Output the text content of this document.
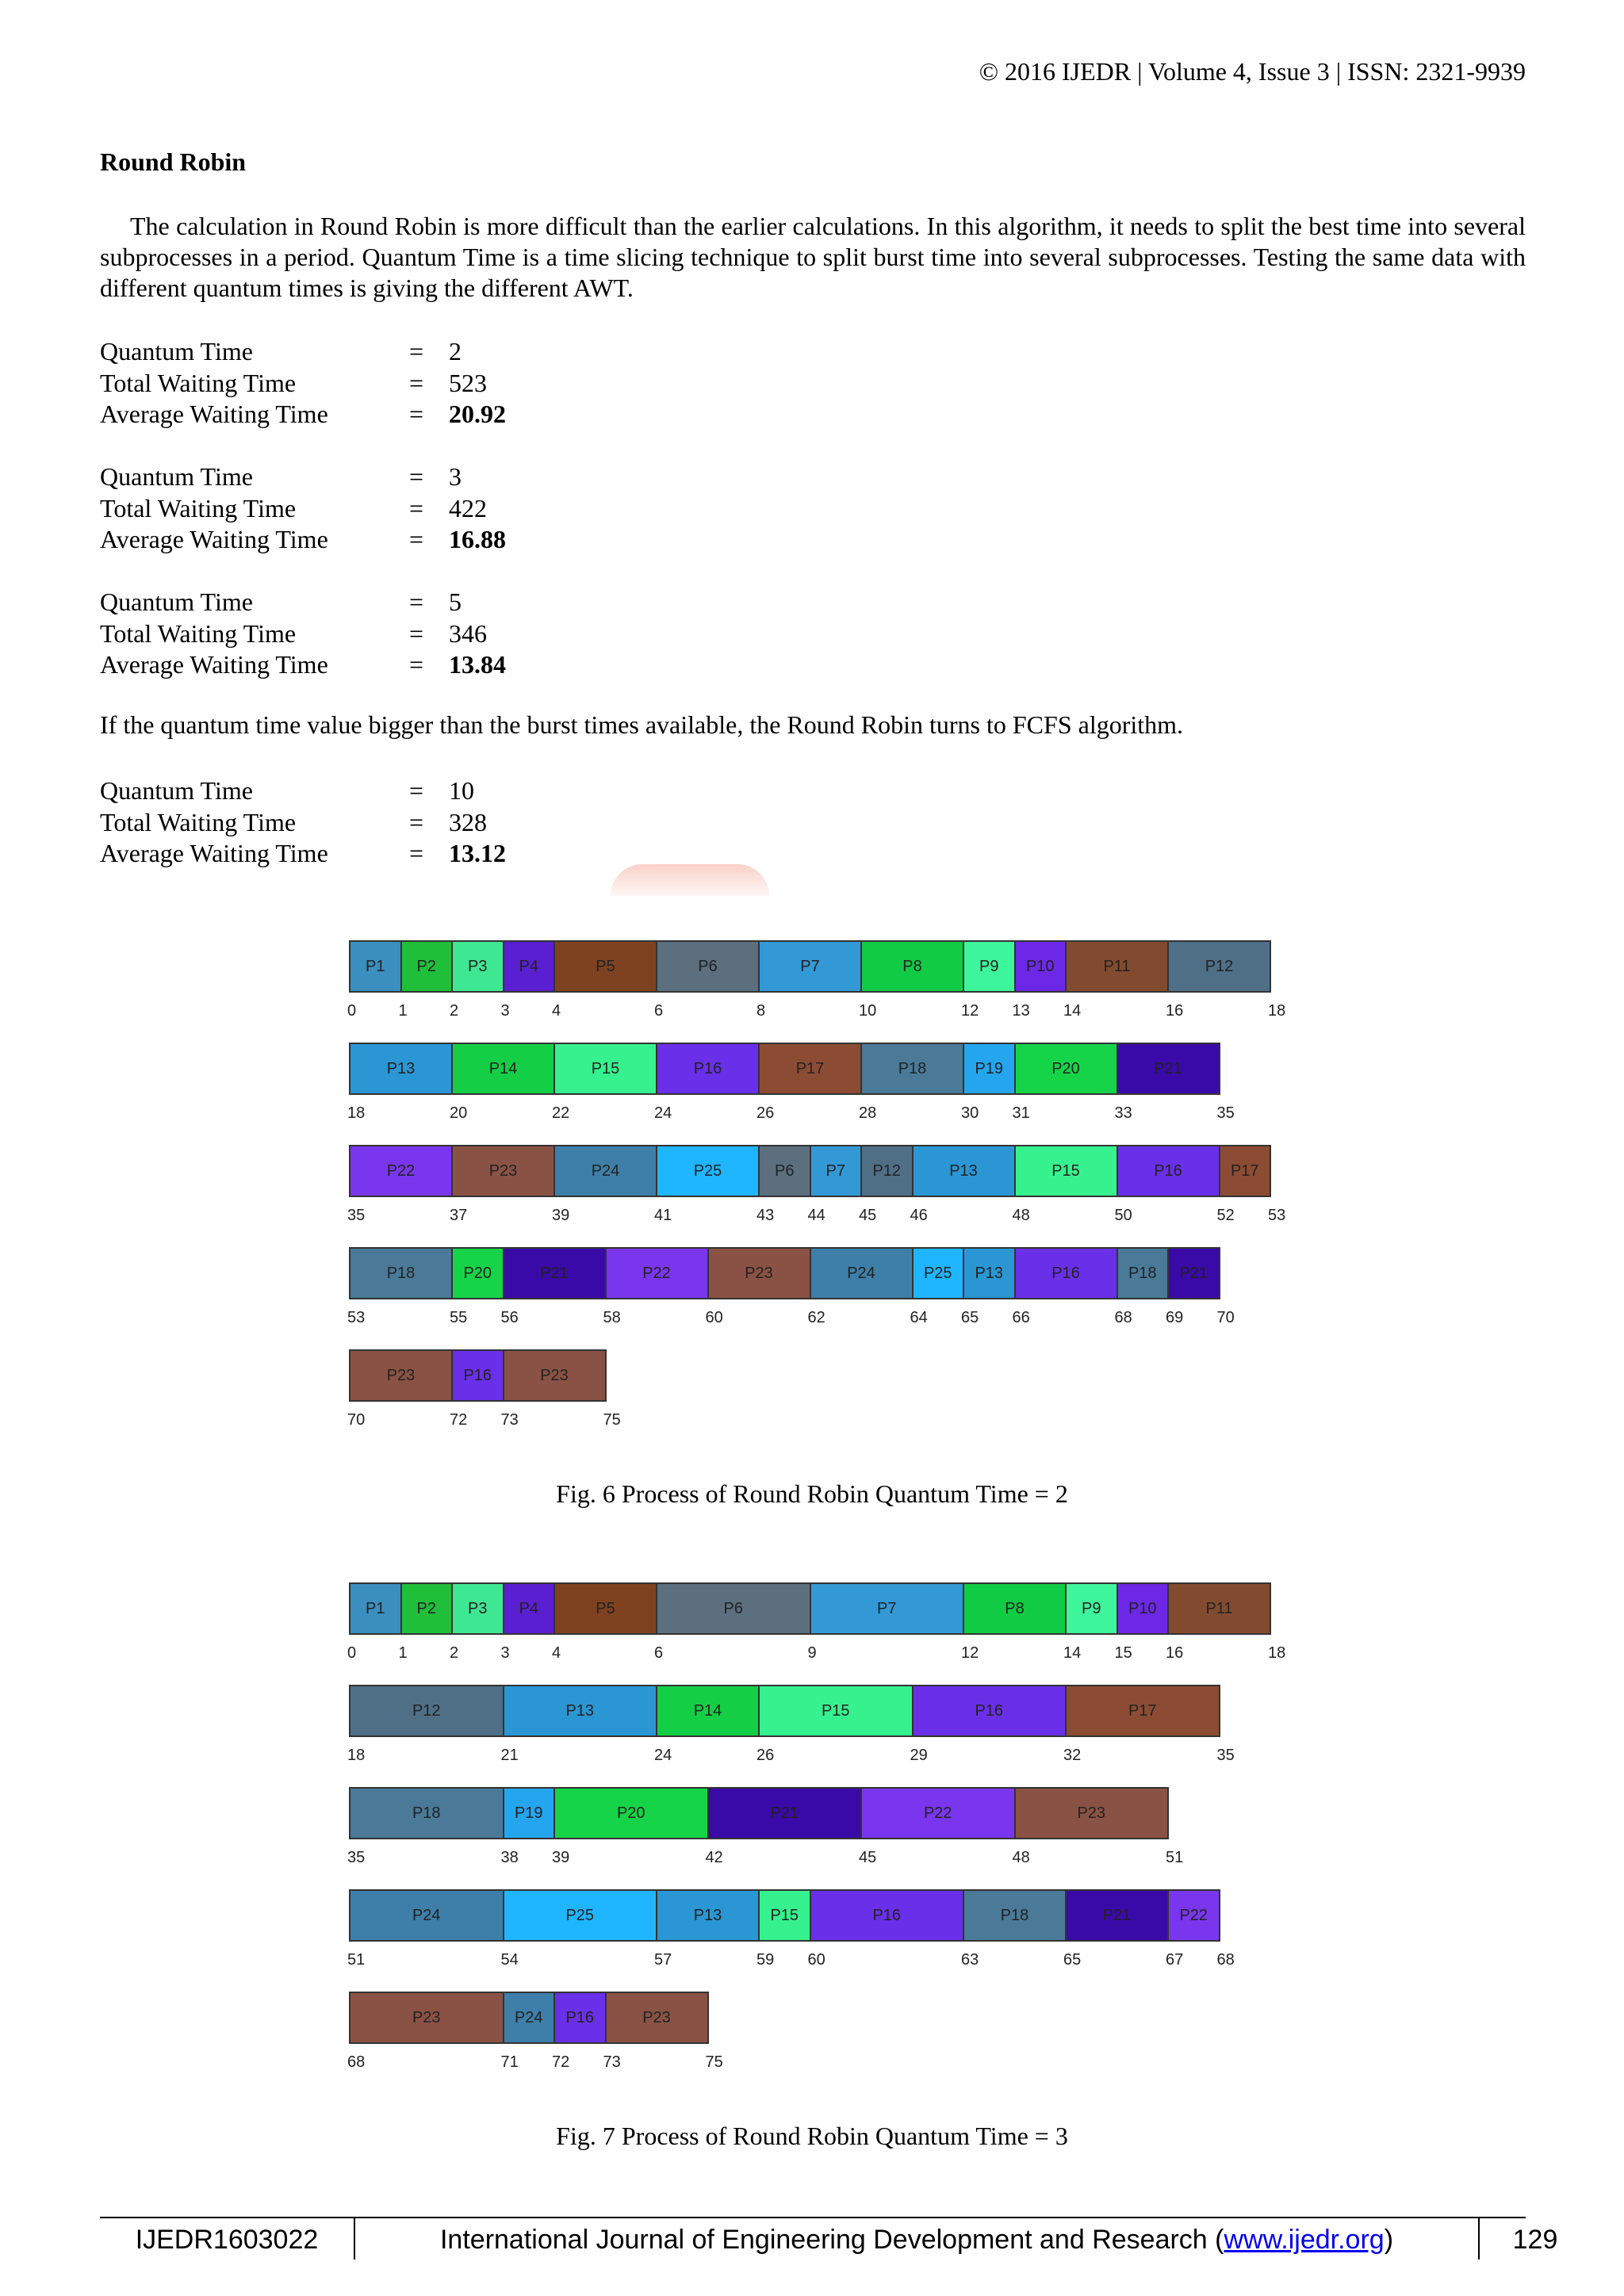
© 2016 IJEDR | Volume 4, Issue 3 | ISSN: 2321-9939
Round Robin

The calculation in Round Robin is more difficult than the earlier calculations. In this algorithm, it needs to split the best time into several subprocesses in a period. Quantum Time is a time slicing technique to split burst time into several subprocesses. Testing the same data with different quantum times is giving the different AWT.

Quantum Time	= 2
Total Waiting Time	= 523
Average Waiting Time	= 20.92
Quantum Time	= 3
Total Waiting Time	= 422
Average Waiting Time	= 16.88
Quantum Time	= 5
Total Waiting Time	= 346
Average Waiting Time	= 13.84
Quantum Time	= 10
Total Waiting Time	= 328
Average Waiting Time	= 13.12
If the quantum time value bigger than the burst times available, the Round Robin turns to FCFS algorithm.
P1	P2	P3	P4	P5	P6	P7	P8	P9	P10	P11	P12
0	1	2	3	4	6	8	10	12 13 14	16	18
P13	P14	P15	P16	P17	P18	P19	P20	P21
18	20	22	24	26	28	30 31	33	35
P22	P23	P24	P25	P6	P7	P12	P13	P15	P16	P17
35	37	39	41	43 44 45 46	48	50	52 53
P18	P20	P21	P22	P23	P24	P25	P13	P16	P18	P21
53	55 56	58	60	62	64 65 66	68 69 70
P23	P16	P23
70	72 73	75
Fig. 6 Process of Round Robin Quantum Time = 2
P1	P2	P3	P4	P5	P6	P7	P8	P9	P10	P11
0	1	2	3	4	6	9	12	14 15 16	18
P12	P13	P14	P15	P16	P17
18	21	24	26	29	32	35
P18	P19	P20	P21	P22	P23
35	38 39	42	45	48	51
P24	P25	P13	P15	P16	P18	P21	P22
51	54	57	59 60	63	65	67 68
P23	P24	P16	P23
68	71 72 73	75
Fig. 7 Process of Round Robin Quantum Time = 3
IJEDR1603022	International Journal of Engineering Development and Research (www.ijedr.org)	129
